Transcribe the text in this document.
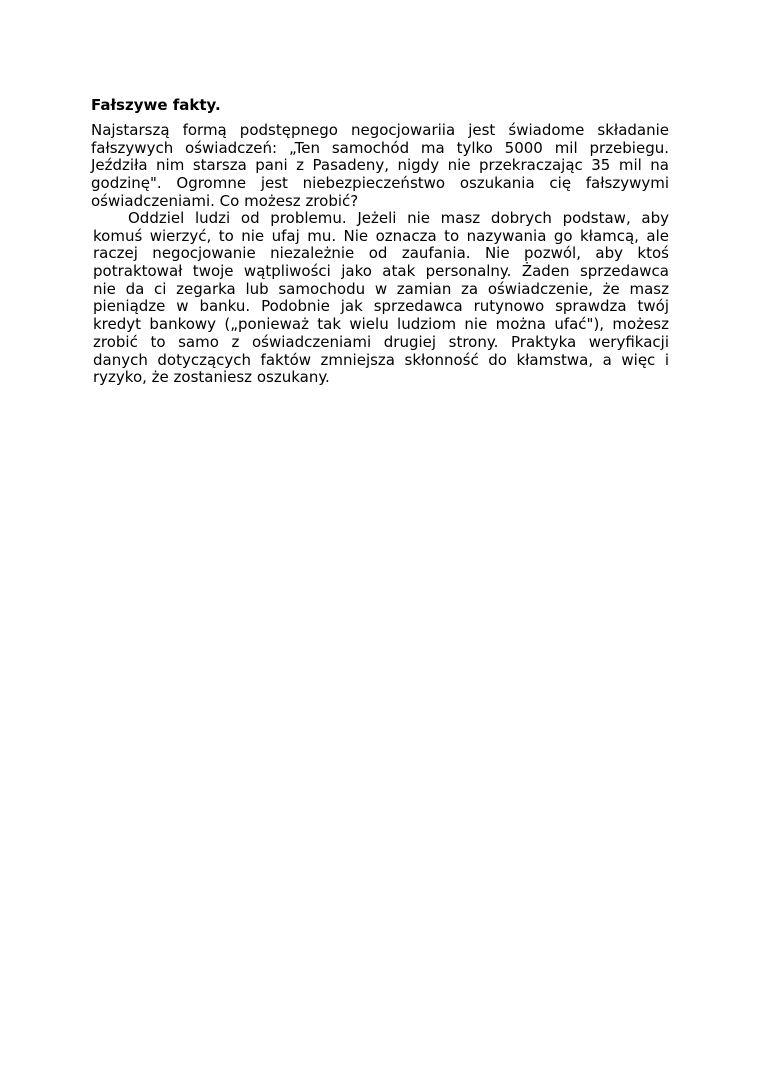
Fałszywe fakty.
Najstarszą formą podstępnego negocjowariia jest świadome składanie
fałszywych oświadczeń: „Ten samochód ma tylko 5000 mil przebiegu.
Jeździła nim starsza pani z Pasadeny, nigdy nie przekraczając 35 mil na
godzinę". Ogromne jest niebezpieczeństwo oszukania cię fałszywymi
oświadczeniami. Co możesz zrobić?
Oddziel ludzi od problemu. Jeżeli nie masz dobrych podstaw, aby
komuś wierzyć, to nie ufaj mu. Nie oznacza to nazywania go kłamcą, ale
raczej negocjowanie niezależnie od zaufania. Nie pozwól, aby ktoś
potraktował twoje wątpliwości jako atak personalny. Żaden sprzedawca
nie da ci zegarka lub samochodu w zamian za oświadczenie, że masz
pieniądze w banku. Podobnie jak sprzedawca rutynowo sprawdza twój
kredyt bankowy („ponieważ tak wielu ludziom nie można ufać"), możesz
zrobić to samo z oświadczeniami drugiej strony. Praktyka weryfikacji
danych dotyczących faktów zmniejsza skłonność do kłamstwa, a więc i
ryzyko, że zostaniesz oszukany.
